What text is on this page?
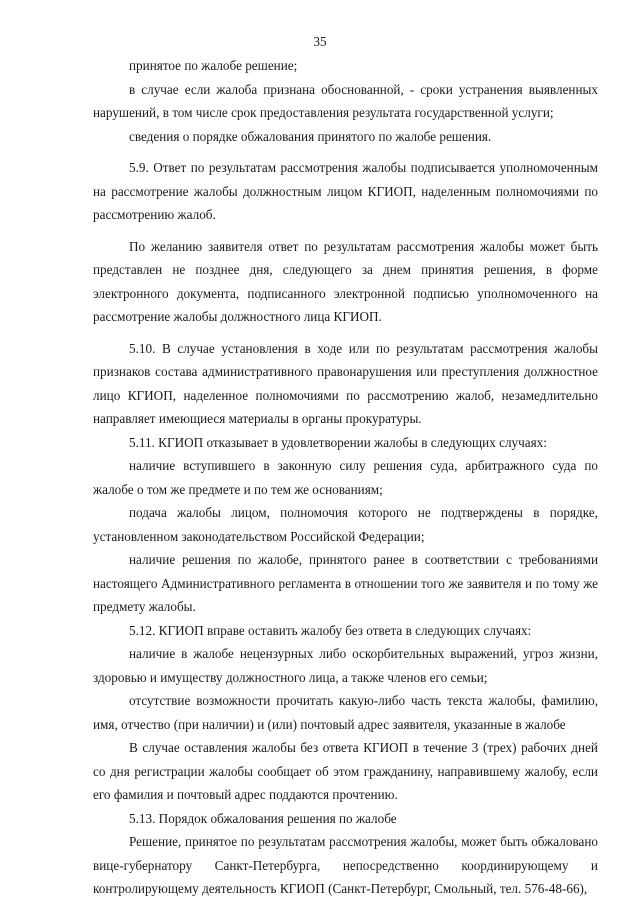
35

принятое по жалобе решение;

в случае если жалоба признана обоснованной, - сроки устранения выявленных нарушений, в том числе срок предоставления результата государственной услуги;

сведения о порядке обжалования принятого по жалобе решения.

5.9. Ответ по результатам рассмотрения жалобы подписывается уполномоченным на рассмотрение жалобы должностным лицом КГИОП, наделенным полномочиями по рассмотрению жалоб.

По желанию заявителя ответ по результатам рассмотрения жалобы может быть представлен не позднее дня, следующего за днем принятия решения, в форме электронного документа, подписанного электронной подписью уполномоченного на рассмотрение жалобы должностного лица КГИОП.

5.10. В случае установления в ходе или по результатам рассмотрения жалобы признаков состава административного правонарушения или преступления должностное лицо КГИОП, наделенное полномочиями по рассмотрению жалоб, незамедлительно направляет имеющиеся материалы в органы прокуратуры.

5.11. КГИОП отказывает в удовлетворении жалобы в следующих случаях:

наличие вступившего в законную силу решения суда, арбитражного суда по жалобе о том же предмете и по тем же основаниям;

подача жалобы лицом, полномочия которого не подтверждены в порядке, установленном законодательством Российской Федерации;

наличие решения по жалобе, принятого ранее в соответствии с требованиями настоящего Административного регламента в отношении того же заявителя и по тому же предмету жалобы.

5.12. КГИОП вправе оставить жалобу без ответа в следующих случаях:

наличие в жалобе нецензурных либо оскорбительных выражений, угроз жизни, здоровью и имуществу должностного лица, а также членов его семьи;

отсутствие возможности прочитать какую-либо часть текста жалобы, фамилию, имя, отчество (при наличии) и (или) почтовый адрес заявителя, указанные в жалобе

В случае оставления жалобы без ответа КГИОП в течение 3 (трех) рабочих дней со дня регистрации жалобы сообщает об этом гражданину, направившему жалобу, если его фамилия и почтовый адрес поддаются прочтению.

5.13. Порядок обжалования решения по жалобе

Решение, принятое по результатам рассмотрения жалобы, может быть обжаловано вице-губернатору Санкт-Петербурга, непосредственно координирующему и контролирующему деятельность КГИОП (Санкт-Петербург, Смольный, тел. 576-48-66),
